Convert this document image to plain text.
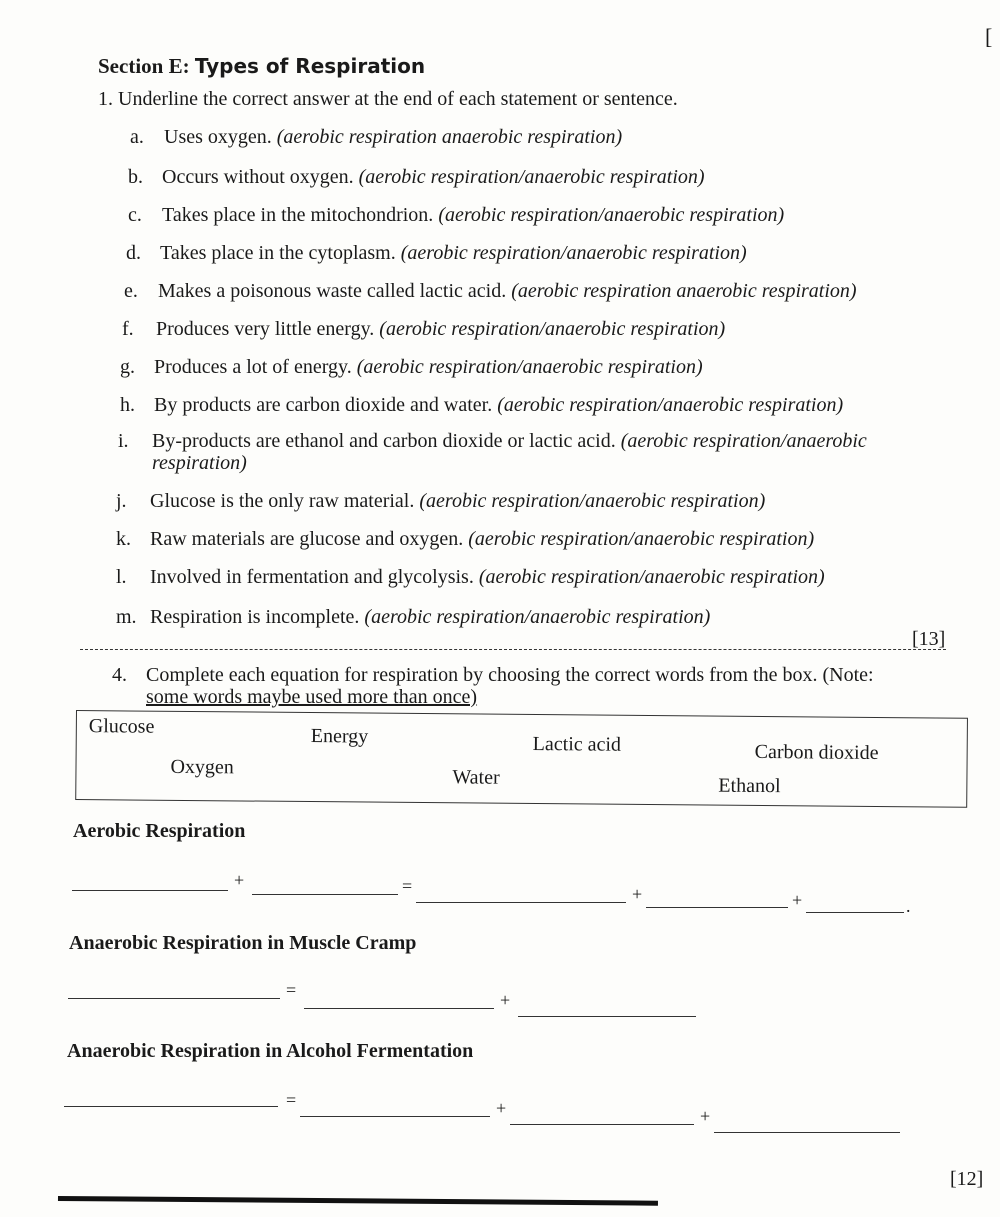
[
Section E: Types of Respiration
1. Underline the correct answer at the end of each statement or sentence.
a. Uses oxygen. (aerobic respiration anaerobic respiration)
b. Occurs without oxygen. (aerobic respiration/anaerobic respiration)
c. Takes place in the mitochondrion. (aerobic respiration/anaerobic respiration)
d. Takes place in the cytoplasm. (aerobic respiration/anaerobic respiration)
e. Makes a poisonous waste called lactic acid. (aerobic respiration anaerobic respiration)
f. Produces very little energy. (aerobic respiration/anaerobic respiration)
g. Produces a lot of energy. (aerobic respiration/anaerobic respiration)
h. By products are carbon dioxide and water. (aerobic respiration/anaerobic respiration)
i. By-products are ethanol and carbon dioxide or lactic acid. (aerobic respiration/anaerobic
respiration)
j. Glucose is the only raw material. (aerobic respiration/anaerobic respiration)
k. Raw materials are glucose and oxygen. (aerobic respiration/anaerobic respiration)
l. Involved in fermentation and glycolysis. (aerobic respiration/anaerobic respiration)
m. Respiration is incomplete. (aerobic respiration/anaerobic respiration)
[13]
4. Complete each equation for respiration by choosing the correct words from the box. (Note:
some words maybe used more than once)
Glucose	Energy	Lactic acid	Carbon dioxide
Oxygen	Water	Ethanol
Aerobic Respiration
+	=	+	+	.
Anaerobic Respiration in Muscle Cramp
=	+
Anaerobic Respiration in Alcohol Fermentation
=	+	+
[12]
